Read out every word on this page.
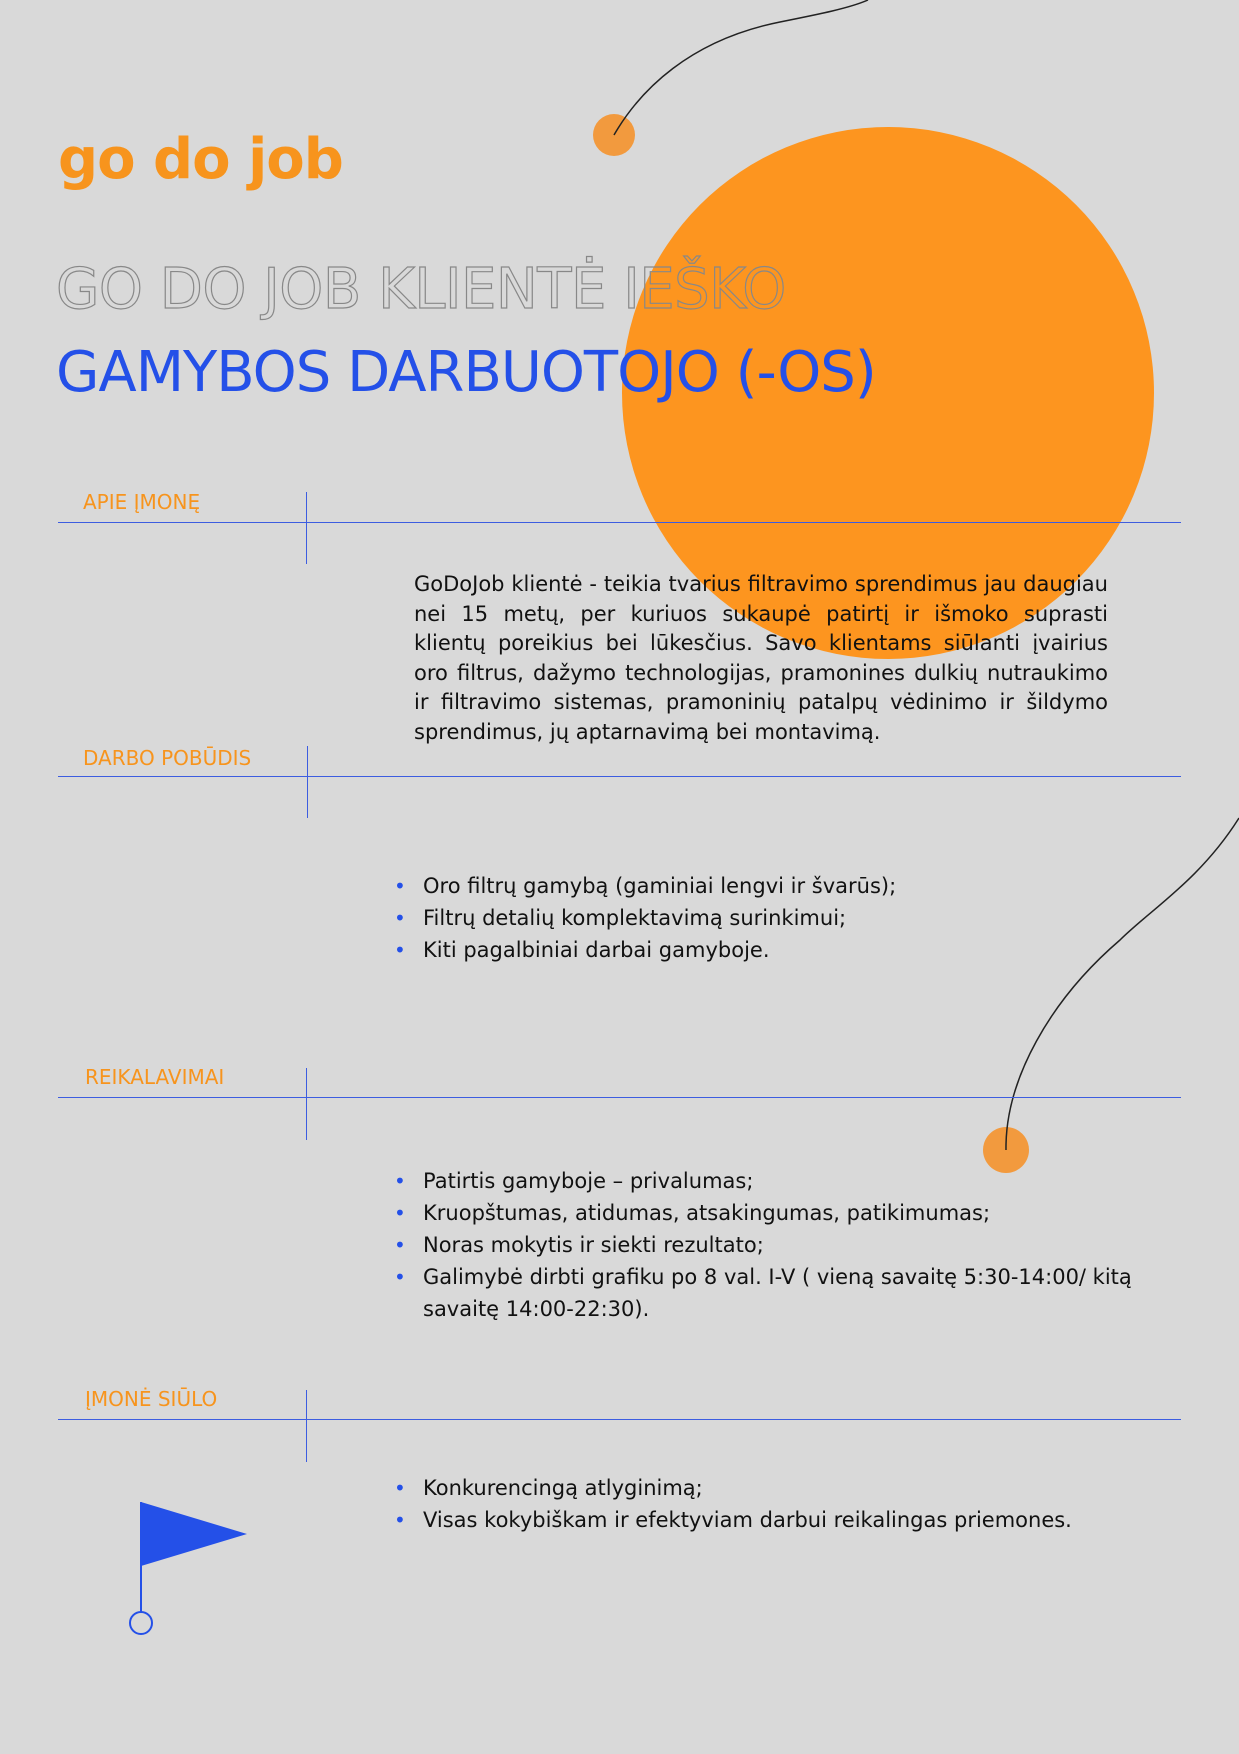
go do job
GO DO JOB KLIENTĖ IEŠKO
GAMYBOS DARBUOTOJO (-OS)
APIE ĮMONĘ
GoDoJob klientė - teikia tvarius filtravimo sprendimus jau daugiau nei 15 metų, per kuriuos sukaupė patirtį ir išmoko suprasti klientų poreikius bei lūkesčius. Savo klientams siūlanti įvairius oro filtrus, dažymo technologijas, pramonines dulkių nutraukimo ir filtravimo sistemas, pramoninių patalpų vėdinimo ir šildymo sprendimus, jų aptarnavimą bei montavimą.
DARBO POBŪDIS
• Oro filtrų gamybą (gaminiai lengvi ir švarūs);
• Filtrų detalių komplektavimą surinkimui;
• Kiti pagalbiniai darbai gamyboje.
REIKALAVIMAI
• Patirtis gamyboje – privalumas;
• Kruopštumas, atidumas, atsakingumas, patikimumas;
• Noras mokytis ir siekti rezultato;
• Galimybė dirbti grafiku po 8 val. I-V ( vieną savaitę 5:30-14:00/ kitą savaitę 14:00-22:30).
ĮMONĖ SIŪLO
• Konkurencingą atlyginimą;
• Visas kokybiškam ir efektyviam darbui reikalingas priemones.
